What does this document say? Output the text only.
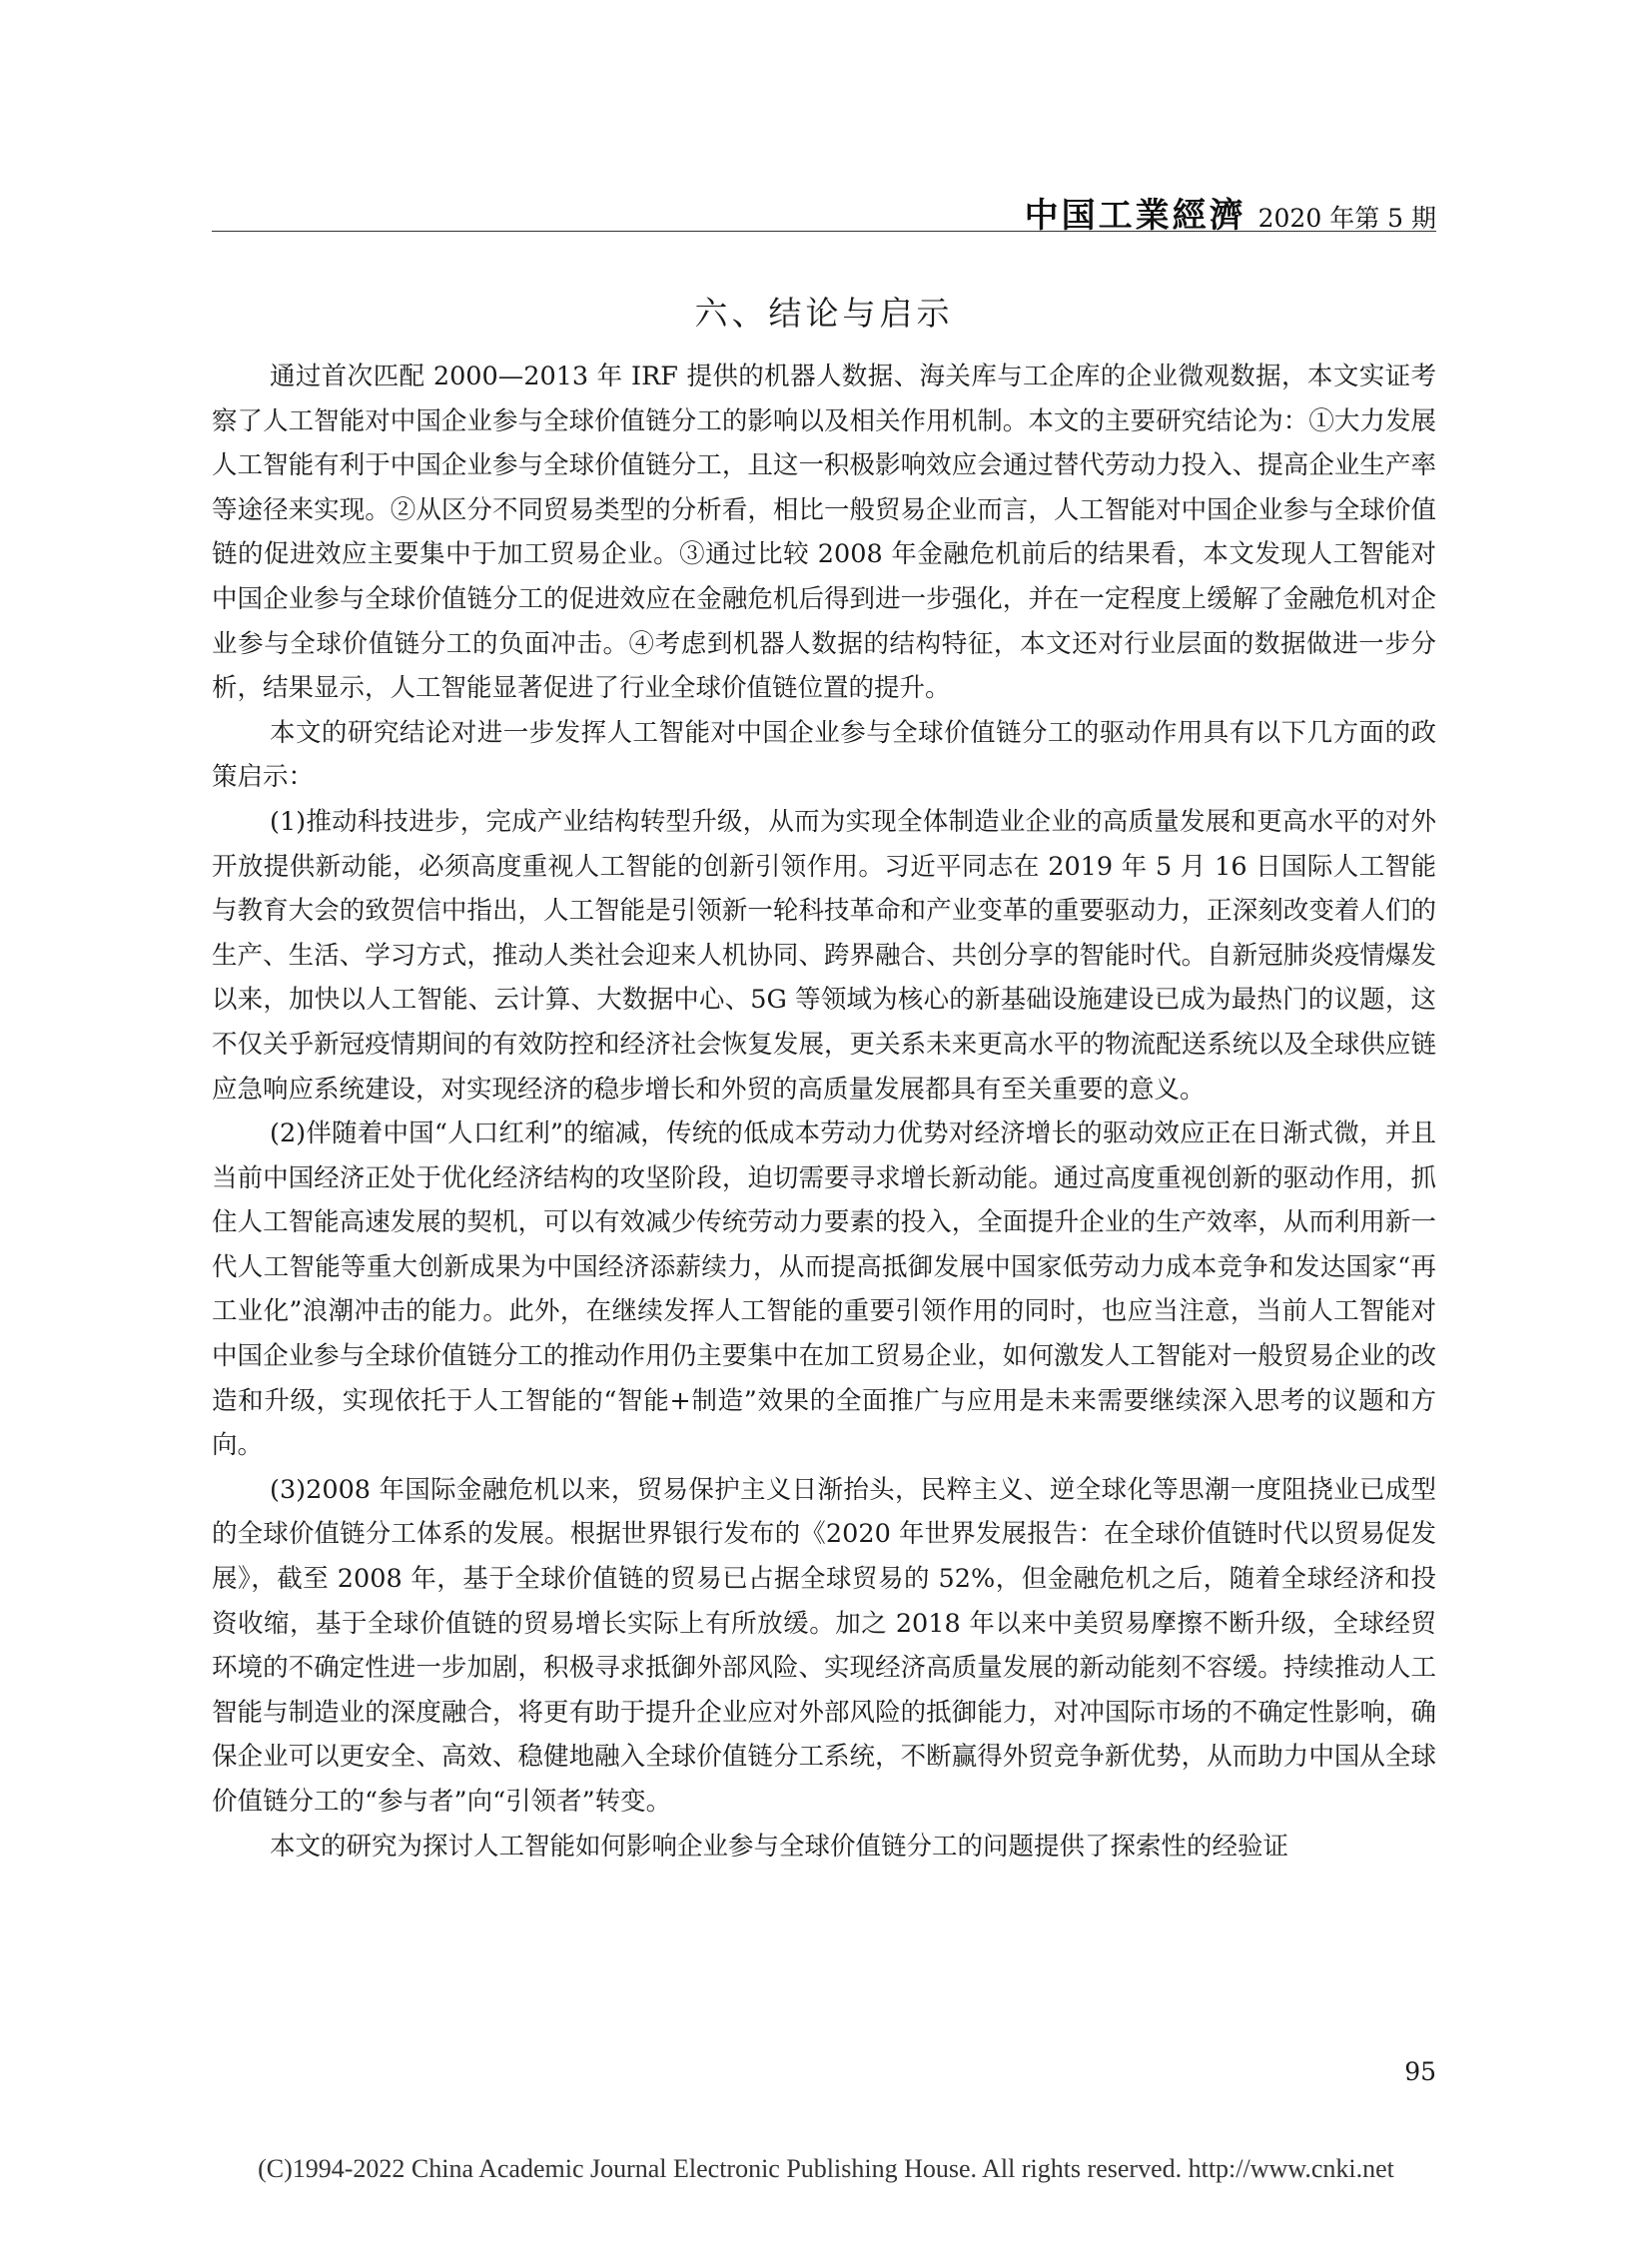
中国工業經濟 2020 年第 5 期
六、结论与启示

通过首次匹配 2000—2013 年 IRF 提供的机器人数据、海关库与工企库的企业微观数据，本文实证考察了人工智能对中国企业参与全球价值链分工的影响以及相关作用机制。本文的主要研究结论为：①大力发展人工智能有利于中国企业参与全球价值链分工，且这一积极影响效应会通过替代劳动力投入、提高企业生产率等途径来实现。②从区分不同贸易类型的分析看，相比一般贸易企业而言，人工智能对中国企业参与全球价值链的促进效应主要集中于加工贸易企业。③通过比较 2008 年金融危机前后的结果看，本文发现人工智能对中国企业参与全球价值链分工的促进效应在金融危机后得到进一步强化，并在一定程度上缓解了金融危机对企业参与全球价值链分工的负面冲击。④考虑到机器人数据的结构特征，本文还对行业层面的数据做进一步分析，结果显示，人工智能显著促进了行业全球价值链位置的提升。

本文的研究结论对进一步发挥人工智能对中国企业参与全球价值链分工的驱动作用具有以下几方面的政策启示：

(1)推动科技进步，完成产业结构转型升级，从而为实现全体制造业企业的高质量发展和更高水平的对外开放提供新动能，必须高度重视人工智能的创新引领作用。习近平同志在 2019 年 5 月 16 日国际人工智能与教育大会的致贺信中指出，人工智能是引领新一轮科技革命和产业变革的重要驱动力，正深刻改变着人们的生产、生活、学习方式，推动人类社会迎来人机协同、跨界融合、共创分享的智能时代。自新冠肺炎疫情爆发以来，加快以人工智能、云计算、大数据中心、5G 等领域为核心的新基础设施建设已成为最热门的议题，这不仅关乎新冠疫情期间的有效防控和经济社会恢复发展，更关系未来更高水平的物流配送系统以及全球供应链应急响应系统建设，对实现经济的稳步增长和外贸的高质量发展都具有至关重要的意义。

(2)伴随着中国“人口红利”的缩减，传统的低成本劳动力优势对经济增长的驱动效应正在日渐式微，并且当前中国经济正处于优化经济结构的攻坚阶段，迫切需要寻求增长新动能。通过高度重视创新的驱动作用，抓住人工智能高速发展的契机，可以有效减少传统劳动力要素的投入，全面提升企业的生产效率，从而利用新一代人工智能等重大创新成果为中国经济添薪续力，从而提高抵御发展中国家低劳动力成本竞争和发达国家“再工业化”浪潮冲击的能力。此外，在继续发挥人工智能的重要引领作用的同时，也应当注意，当前人工智能对中国企业参与全球价值链分工的推动作用仍主要集中在加工贸易企业，如何激发人工智能对一般贸易企业的改造和升级，实现依托于人工智能的“智能+制造”效果的全面推广与应用是未来需要继续深入思考的议题和方向。

(3)2008 年国际金融危机以来，贸易保护主义日渐抬头，民粹主义、逆全球化等思潮一度阻挠业已成型的全球价值链分工体系的发展。根据世界银行发布的《2020 年世界发展报告：在全球价值链时代以贸易促发展》，截至 2008 年，基于全球价值链的贸易已占据全球贸易的 52%，但金融危机之后，随着全球经济和投资收缩，基于全球价值链的贸易增长实际上有所放缓。加之 2018 年以来中美贸易摩擦不断升级，全球经贸环境的不确定性进一步加剧，积极寻求抵御外部风险、实现经济高质量发展的新动能刻不容缓。持续推动人工智能与制造业的深度融合，将更有助于提升企业应对外部风险的抵御能力，对冲国际市场的不确定性影响，确保企业可以更安全、高效、稳健地融入全球价值链分工系统，不断赢得外贸竞争新优势，从而助力中国从全球价值链分工的“参与者”向“引领者”转变。

本文的研究为探讨人工智能如何影响企业参与全球价值链分工的问题提供了探索性的经验证

95
(C)1994-2022 China Academic Journal Electronic Publishing House. All rights reserved. http://www.cnki.net
